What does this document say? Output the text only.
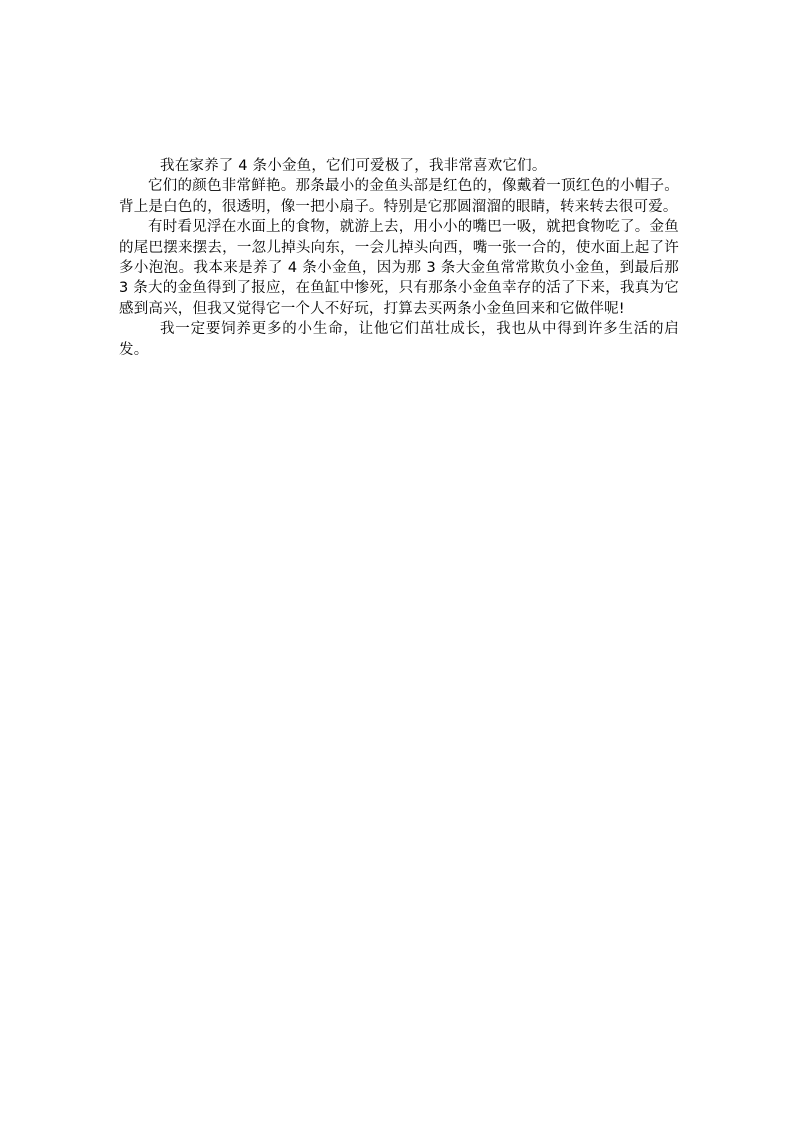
我在家养了 4 条小金鱼，它们可爱极了，我非常喜欢它们。

它们的颜色非常鲜艳。那条最小的金鱼头部是红色的，像戴着一顶红色的小帽子。背上是白色的，很透明，像一把小扇子。特别是它那圆溜溜的眼睛，转来转去很可爱。

有时看见浮在水面上的食物，就游上去，用小小的嘴巴一吸，就把食物吃了。金鱼的尾巴摆来摆去，一忽儿掉头向东，一会儿掉头向西，嘴一张一合的，使水面上起了许多小泡泡。我本来是养了 4 条小金鱼，因为那 3 条大金鱼常常欺负小金鱼，到最后那 3 条大的金鱼得到了报应，在鱼缸中惨死，只有那条小金鱼幸存的活了下来，我真为它感到高兴，但我又觉得它一个人不好玩，打算去买两条小金鱼回来和它做伴呢!

我一定要饲养更多的小生命，让他它们茁壮成长，我也从中得到许多生活的启发。
